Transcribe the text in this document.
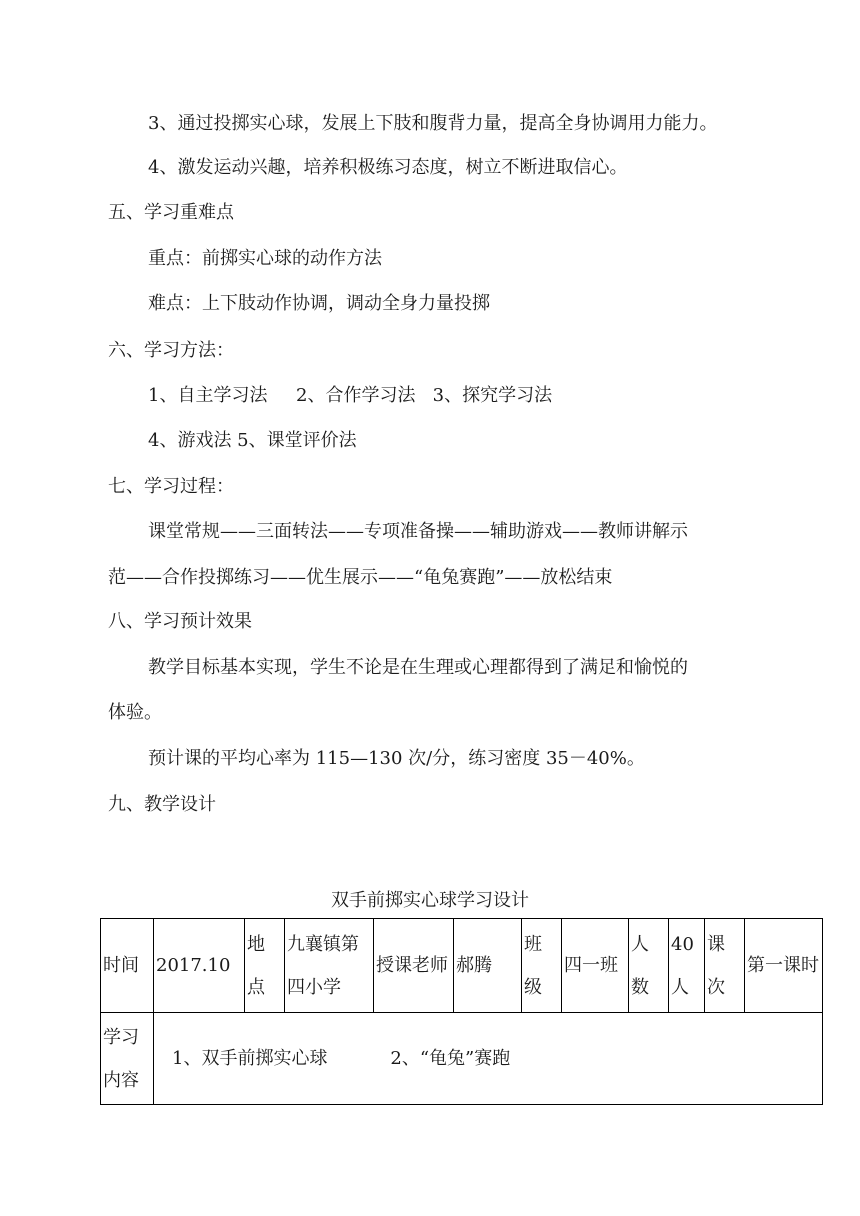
3、通过投掷实心球，发展上下肢和腹背力量，提高全身协调用力能力。
4、激发运动兴趣，培养积极练习态度，树立不断进取信心。
五、学习重难点
重点：前掷实心球的动作方法
难点：上下肢动作协调，调动全身力量投掷
六、学习方法：
1、自主学习法     2、合作学习法   3、探究学习法
4、游戏法 5、课堂评价法
七、学习过程：
课堂常规——三面转法——专项准备操——辅助游戏——教师讲解示
范——合作投掷练习——优生展示——“龟兔赛跑”——放松结束
八、学习预计效果
教学目标基本实现，学生不论是在生理或心理都得到了满足和愉悦的
体验。
预计课的平均心率为 115—130 次/分，练习密度 35－40%。
九、教学设计
双手前掷实心球学习设计
时间	2017.10	地点	九襄镇第四小学	授课老师	郝腾	班级	四一班	人数	40人	课次	第一课时
学习内容	1、双手前掷实心球           2、“龟兔”赛跑										
